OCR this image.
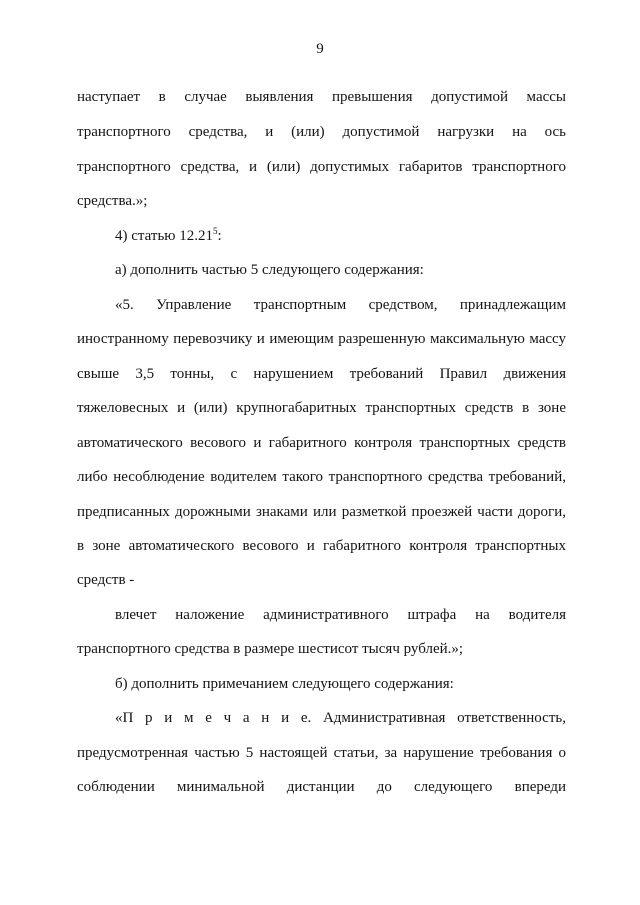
9
наступает в случае выявления превышения допустимой массы
транспортного средства, и (или) допустимой нагрузки на ось
транспортного средства, и (или) допустимых габаритов транспортного
средства.»;
4) статью 12.21$^5$:
а) дополнить частью 5 следующего содержания:
«5. Управление транспортным средством, принадлежащим
иностранному перевозчику и имеющим разрешенную максимальную массу
свыше 3,5 тонны, с нарушением требований Правил движения
тяжеловесных и (или) крупногабаритных транспортных средств в зоне
автоматического весового и габаритного контроля транспортных средств
либо несоблюдение водителем такого транспортного средства требований,
предписанных дорожными знаками или разметкой проезжей части дороги,
в зоне автоматического весового и габаритного контроля транспортных
средств -
влечет наложение административного штрафа на водителя
транспортного средства в размере шестисот тысяч рублей.»;
б) дополнить примечанием следующего содержания:
«П р и м е ч а н и е. Административная ответственность,
предусмотренная частью 5 настоящей статьи, за нарушение требования о
соблюдении минимальной дистанции до следующего впереди
